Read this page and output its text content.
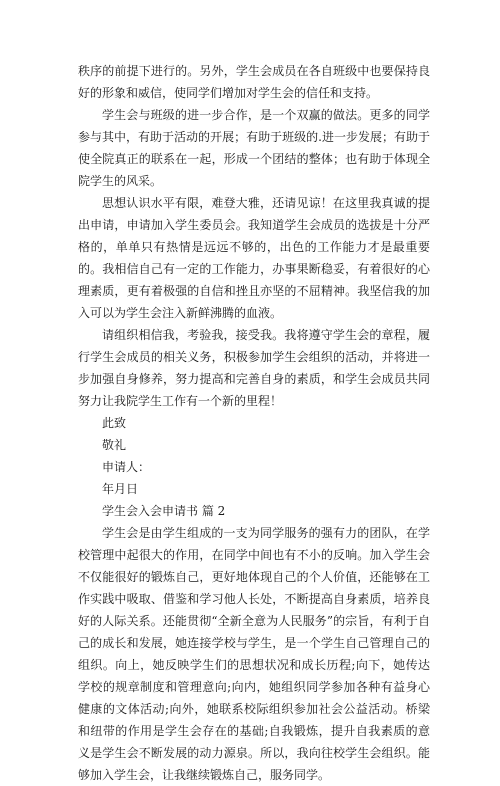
秩序的前提下进行的。另外，学生会成员在各自班级中也要保持良好的形象和威信，使同学们增加对学生会的信任和支持。

学生会与班级的进一步合作，是一个双赢的做法。更多的同学参与其中，有助于活动的开展；有助于班级的.进一步发展；有助于使全院真正的联系在一起，形成一个团结的整体；也有助于体现全院学生的风采。

思想认识水平有限，难登大雅，还请见谅！在这里我真诚的提出申请，申请加入学生委员会。我知道学生会成员的选拔是十分严格的，单单只有热情是远远不够的，出色的工作能力才是最重要的。我相信自己有一定的工作能力，办事果断稳妥，有着很好的心理素质，更有着极强的自信和挫且亦坚的不屈精神。我坚信我的加入可以为学生会注入新鲜沸腾的血液。

请组织相信我，考验我，接受我。我将遵守学生会的章程，履行学生会成员的相关义务，积极参加学生会组织的活动，并将进一步加强自身修养，努力提高和完善自身的素质，和学生会成员共同努力让我院学生工作有一个新的里程！

此致

敬礼

申请人：

年月日

学生会入会申请书 篇 2

学生会是由学生组成的一支为同学服务的强有力的团队，在学校管理中起很大的作用，在同学中间也有不小的反响。加入学生会不仅能很好的锻炼自己，更好地体现自己的个人价值，还能够在工作实践中吸取、借鉴和学习他人长处，不断提高自身素质，培养良好的人际关系。还能贯彻“全新全意为人民服务”的宗旨，有利于自己的成长和发展，她连接学校与学生，是一个学生自己管理自己的组织。向上，她反映学生们的思想状况和成长历程;向下，她传达学校的规章制度和管理意向;向内，她组织同学参加各种有益身心健康的文体活动;向外，她联系校际组织参加社会公益活动。桥梁和纽带的作用是学生会存在的基础;自我锻炼，提升自我素质的意义是学生会不断发展的动力源泉。所以，我向往校学生会组织。能够加入学生会，让我继续锻炼自己，服务同学。
